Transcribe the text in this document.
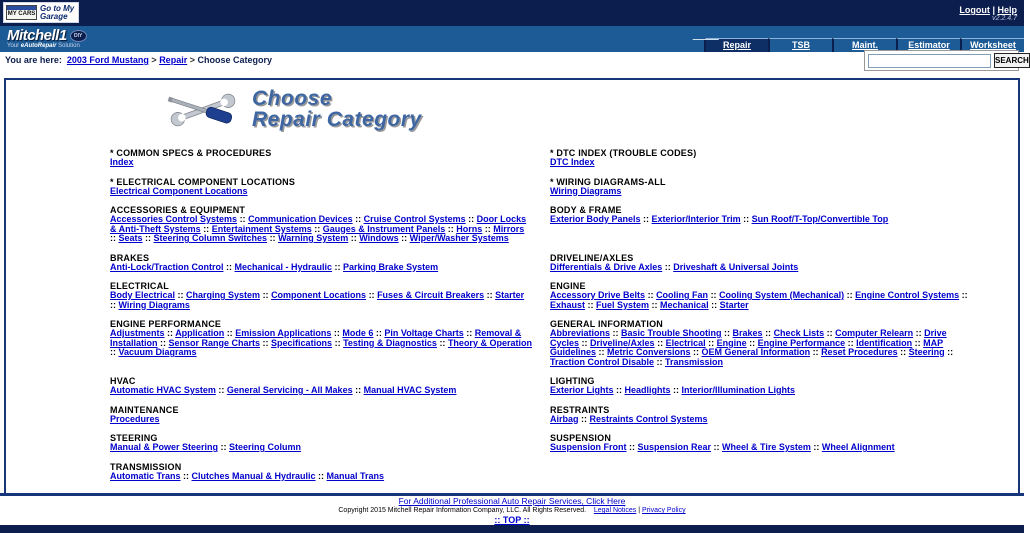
MY CARS
Go to My
Garage
Logout | Help
v2.2.4.7
Mitchell1	DIY
Your eAutoRepair Solution	Repair	TSB	Maint.	Estimator	Worksheet
You are here: 2003 Ford Mustang > Repair > Choose Category	SEARCH
Choose
Repair Category
* COMMON SPECS & PROCEDURES
Index
* DTC INDEX (TROUBLE CODES)
DTC Index
* ELECTRICAL COMPONENT LOCATIONS
Electrical Component Locations
* WIRING DIAGRAMS-ALL
Wiring Diagrams
ACCESSORIES & EQUIPMENT
Accessories Control Systems :: Communication Devices :: Cruise Control Systems :: Door Locks & Anti-Theft Systems :: Entertainment Systems :: Gauges & Instrument Panels :: Horns :: Mirrors :: Seats :: Steering Column Switches :: Warning System :: Windows :: Wiper/Washer Systems
BODY & FRAME
Exterior Body Panels :: Exterior/Interior Trim :: Sun Roof/T-Top/Convertible Top
BRAKES
Anti-Lock/Traction Control :: Mechanical - Hydraulic :: Parking Brake System
DRIVELINE/AXLES
Differentials & Drive Axles :: Driveshaft & Universal Joints
ELECTRICAL
Body Electrical :: Charging System :: Component Locations :: Fuses & Circuit Breakers :: Starter :: Wiring Diagrams
ENGINE
Accessory Drive Belts :: Cooling Fan :: Cooling System (Mechanical) :: Engine Control Systems :: Exhaust :: Fuel System :: Mechanical :: Starter
ENGINE PERFORMANCE
Adjustments :: Application :: Emission Applications :: Mode 6 :: Pin Voltage Charts :: Removal & Installation :: Sensor Range Charts :: Specifications :: Testing & Diagnostics :: Theory & Operation :: Vacuum Diagrams
GENERAL INFORMATION
Abbreviations :: Basic Trouble Shooting :: Brakes :: Check Lists :: Computer Relearn :: Drive Cycles :: Driveline/Axles :: Electrical :: Engine :: Engine Performance :: Identification :: MAP Guidelines :: Metric Conversions :: OEM General Information :: Reset Procedures :: Steering :: Traction Control Disable :: Transmission
HVAC
Automatic HVAC System :: General Servicing - All Makes :: Manual HVAC System
LIGHTING
Exterior Lights :: Headlights :: Interior/Illumination Lights
MAINTENANCE
Procedures
RESTRAINTS
Airbag :: Restraints Control Systems
STEERING
Manual & Power Steering :: Steering Column
SUSPENSION
Suspension Front :: Suspension Rear :: Wheel & Tire System :: Wheel Alignment
TRANSMISSION
Automatic Trans :: Clutches Manual & Hydraulic :: Manual Trans
For Additional Professional Auto Repair Services, Click Here
Copyright 2015 Mitchell Repair Information Company, LLC. All Rights Reserved. Legal Notices | Privacy Policy
:: TOP ::
